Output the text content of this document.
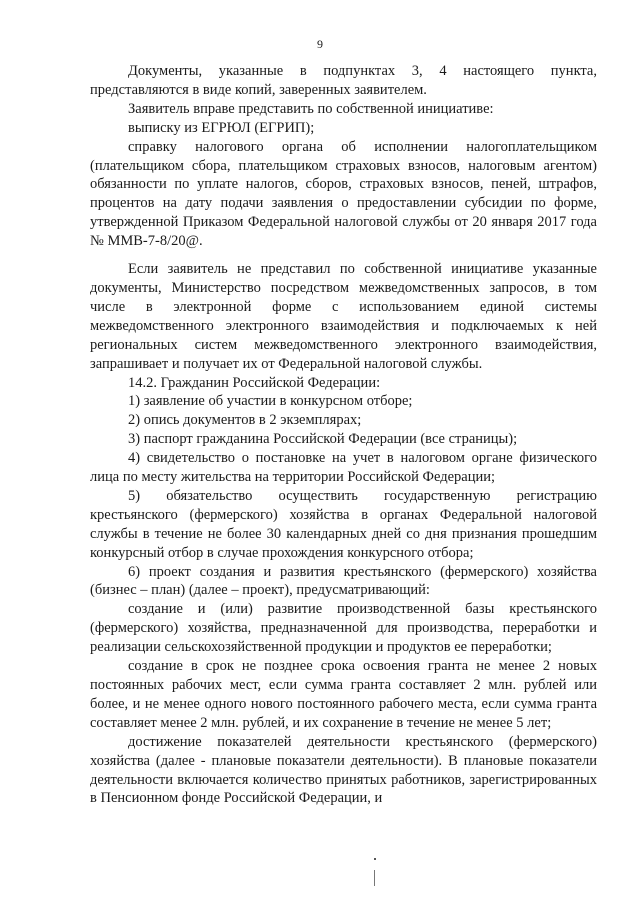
9

Документы, указанные в подпунктах 3, 4 настоящего пункта, представляются в виде копий, заверенных заявителем.

Заявитель вправе представить по собственной инициативе:

выписку из ЕГРЮЛ (ЕГРИП);

справку налогового органа об исполнении налогоплательщиком (плательщиком сбора, плательщиком страховых взносов, налоговым агентом) обязанности по уплате налогов, сборов, страховых взносов, пеней, штрафов, процентов на дату подачи заявления о предоставлении субсидии по форме, утвержденной Приказом Федеральной налоговой службы от 20 января 2017 года № ММВ-7-8/20@.

Если заявитель не представил по собственной инициативе указанные документы, Министерство посредством межведомственных запросов, в том числе в электронной форме с использованием единой системы межведомственного электронного взаимодействия и подключаемых к ней региональных систем межведомственного электронного взаимодействия, запрашивает и получает их от Федеральной налоговой службы.

14.2. Гражданин Российской Федерации:

1) заявление об участии в конкурсном отборе;

2) опись документов в 2 экземплярах;

3) паспорт гражданина Российской Федерации (все страницы);

4) свидетельство о постановке на учет в налоговом органе физического лица по месту жительства на территории Российской Федерации;

5) обязательство осуществить государственную регистрацию крестьянского (фермерского) хозяйства в органах Федеральной налоговой службы в течение не более 30 календарных дней со дня признания прошедшим конкурсный отбор в случае прохождения конкурсного отбора;

6) проект создания и развития крестьянского (фермерского) хозяйства (бизнес – план) (далее – проект), предусматривающий:

создание и (или) развитие производственной базы крестьянского (фермерского) хозяйства, предназначенной для производства, переработки и реализации сельскохозяйственной продукции и продуктов ее переработки;

создание в срок не позднее срока освоения гранта не менее 2 новых постоянных рабочих мест, если сумма гранта составляет 2 млн. рублей или более, и не менее одного нового постоянного рабочего места, если сумма гранта составляет менее 2 млн. рублей, и их сохранение в течение не менее 5 лет;

достижение показателей деятельности крестьянского (фермерского) хозяйства (далее - плановые показатели деятельности). В плановые показатели деятельности включается количество принятых работников, зарегистрированных в Пенсионном фонде Российской Федерации, и
